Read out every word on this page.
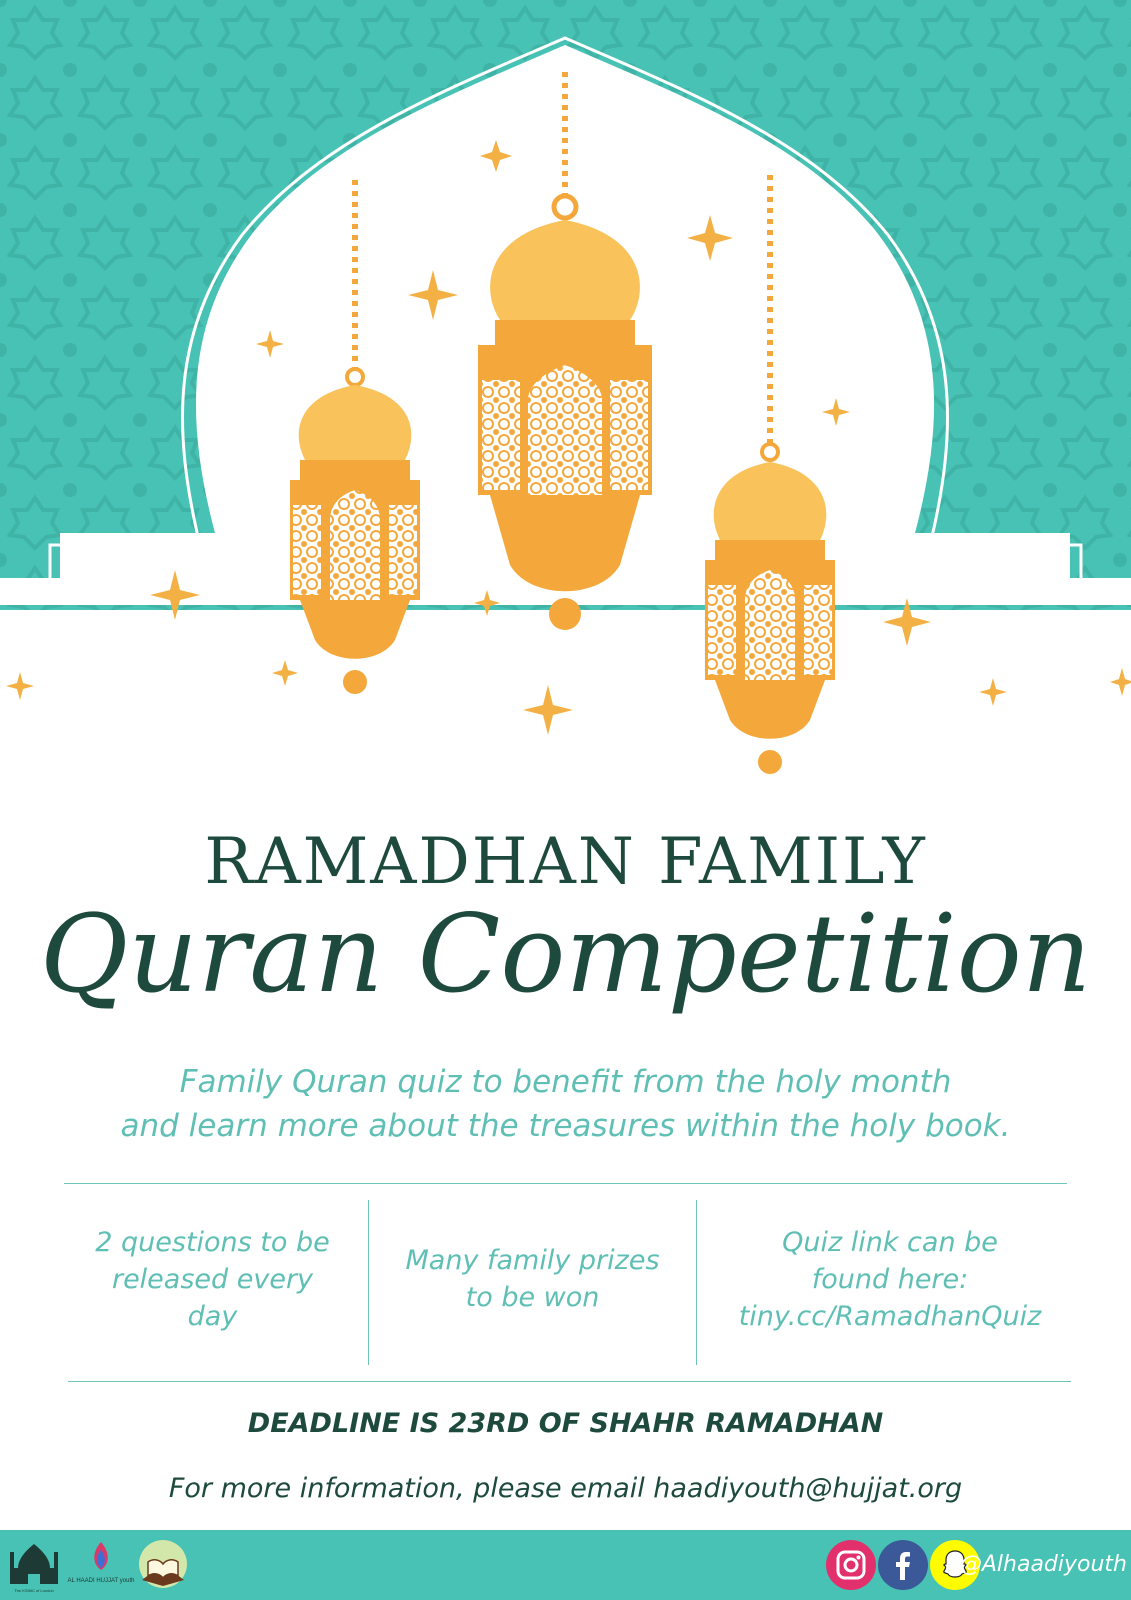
RAMADHAN FAMILY
Quran Competition
Family Quran quiz to benefit from the holy month
and learn more about the treasures within the holy book.
2 questions to be
released every
day
Many family prizes
to be won
Quiz link can be
found here:
tiny.cc/RamadhanQuiz
DEADLINE IS 23RD OF SHAHR RAMADHAN
For more information, please email haadiyouth@hujjat.org
The KSIMC of London
AL HAADI HUJJAT youth
@Alhaadiyouth
